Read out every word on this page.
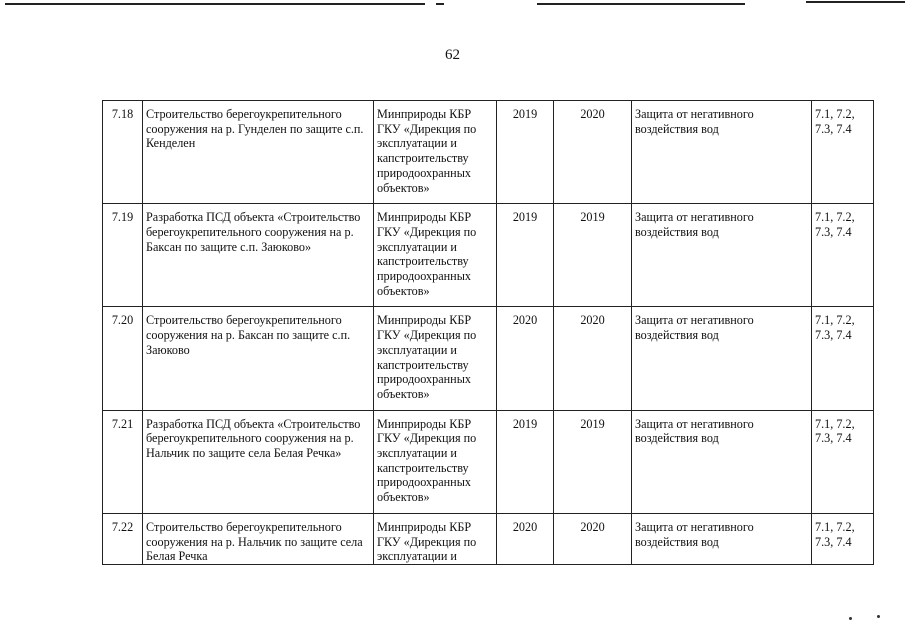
62
7.18	Строительство берегоукрепительного сооружения на р. Гунделен по защите с.п. Кенделен	Минприроды КБР ГКУ «Дирекция по эксплуатации и капстроительству природоохранных объектов»	2019	2020	Защита от негативного воздействия вод	7.1, 7.2, 7.3, 7.4
7.19	Разработка ПСД объекта «Строительство берегоукрепительного сооружения на р. Баксан по защите с.п. Заюково»	Минприроды КБР ГКУ «Дирекция по эксплуатации и капстроительству природоохранных объектов»	2019	2019	Защита от негативного воздействия вод	7.1, 7.2, 7.3, 7.4
7.20	Строительство берегоукрепительного сооружения на р. Баксан по защите с.п. Заюково	Минприроды КБР ГКУ «Дирекция по эксплуатации и капстроительству природоохранных объектов»	2020	2020	Защита от негативного воздействия вод	7.1, 7.2, 7.3, 7.4
7.21	Разработка ПСД объекта «Строительство берегоукрепительного сооружения на р. Нальчик по защите села Белая Речка»	Минприроды КБР ГКУ «Дирекция по эксплуатации и капстроительству природоохранных объектов»	2019	2019	Защита от негативного воздействия вод	7.1, 7.2, 7.3, 7.4
7.22	Строительство берегоукрепительного сооружения на р. Нальчик по защите села Белая Речка	Минприроды КБР ГКУ «Дирекция по эксплуатации и	2020	2020	Защита от негативного воздействия вод	7.1, 7.2, 7.3, 7.4
